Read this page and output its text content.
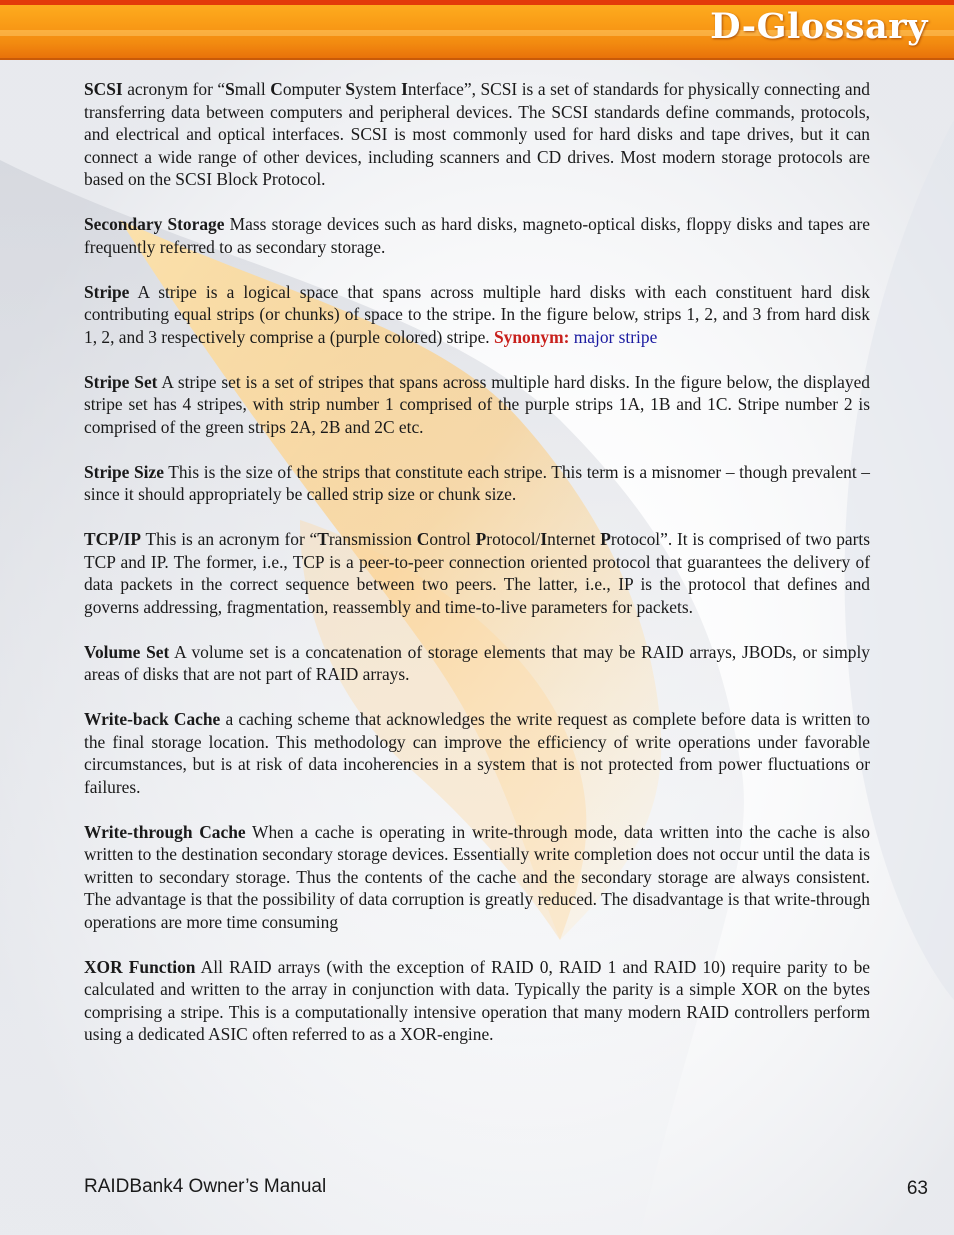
D-Glossary

SCSI acronym for “Small Computer System Interface”, SCSI is a set of standards for physically connecting and transferring data between computers and peripheral devices. The SCSI standards define commands, protocols, and electrical and optical interfaces. SCSI is most commonly used for hard disks and tape drives, but it can connect a wide range of other devices, including scanners and CD drives. Most modern storage protocols are based on the SCSI Block Protocol.

Secondary Storage Mass storage devices such as hard disks, magneto-optical disks, floppy disks and tapes are frequently referred to as secondary storage.

Stripe A stripe is a logical space that spans across multiple hard disks with each constituent hard disk contributing equal strips (or chunks) of space to the stripe. In the figure below, strips 1, 2, and 3 from hard disk 1, 2, and 3 respectively comprise a (purple colored) stripe. Synonym: major stripe

Stripe Set A stripe set is a set of stripes that spans across multiple hard disks. In the figure below, the displayed stripe set has 4 stripes, with strip number 1 comprised of the purple strips 1A, 1B and 1C. Stripe number 2 is comprised of the green strips 2A, 2B and 2C etc.

Stripe Size This is the size of the strips that constitute each stripe. This term is a misnomer – though prevalent – since it should appropriately be called strip size or chunk size.

TCP/IP This is an acronym for “Transmission Control Protocol/Internet Protocol”. It is comprised of two parts TCP and IP. The former, i.e., TCP is a peer-to-peer connection oriented protocol that guarantees the delivery of data packets in the correct sequence between two peers. The latter, i.e., IP is the protocol that defines and governs addressing, fragmentation, reassembly and time-to-live parameters for packets.

Volume Set A volume set is a concatenation of storage elements that may be RAID arrays, JBODs, or simply areas of disks that are not part of RAID arrays.

Write-back Cache a caching scheme that acknowledges the write request as complete before data is written to the final storage location. This methodology can improve the efficiency of write operations under favorable circumstances, but is at risk of data incoherencies in a system that is not protected from power fluctuations or failures.

Write-through Cache When a cache is operating in write-through mode, data written into the cache is also written to the destination secondary storage devices. Essentially write completion does not occur until the data is written to secondary storage. Thus the contents of the cache and the secondary storage are always consistent. The advantage is that the possibility of data corruption is greatly reduced. The disadvantage is that write-through operations are more time consuming

XOR Function All RAID arrays (with the exception of RAID 0, RAID 1 and RAID 10) require parity to be calculated and written to the array in conjunction with data. Typically the parity is a simple XOR on the bytes comprising a stripe. This is a computationally intensive operation that many modern RAID controllers perform using a dedicated ASIC often referred to as a XOR-engine.

RAIDBank4 Owner’s Manual	63
